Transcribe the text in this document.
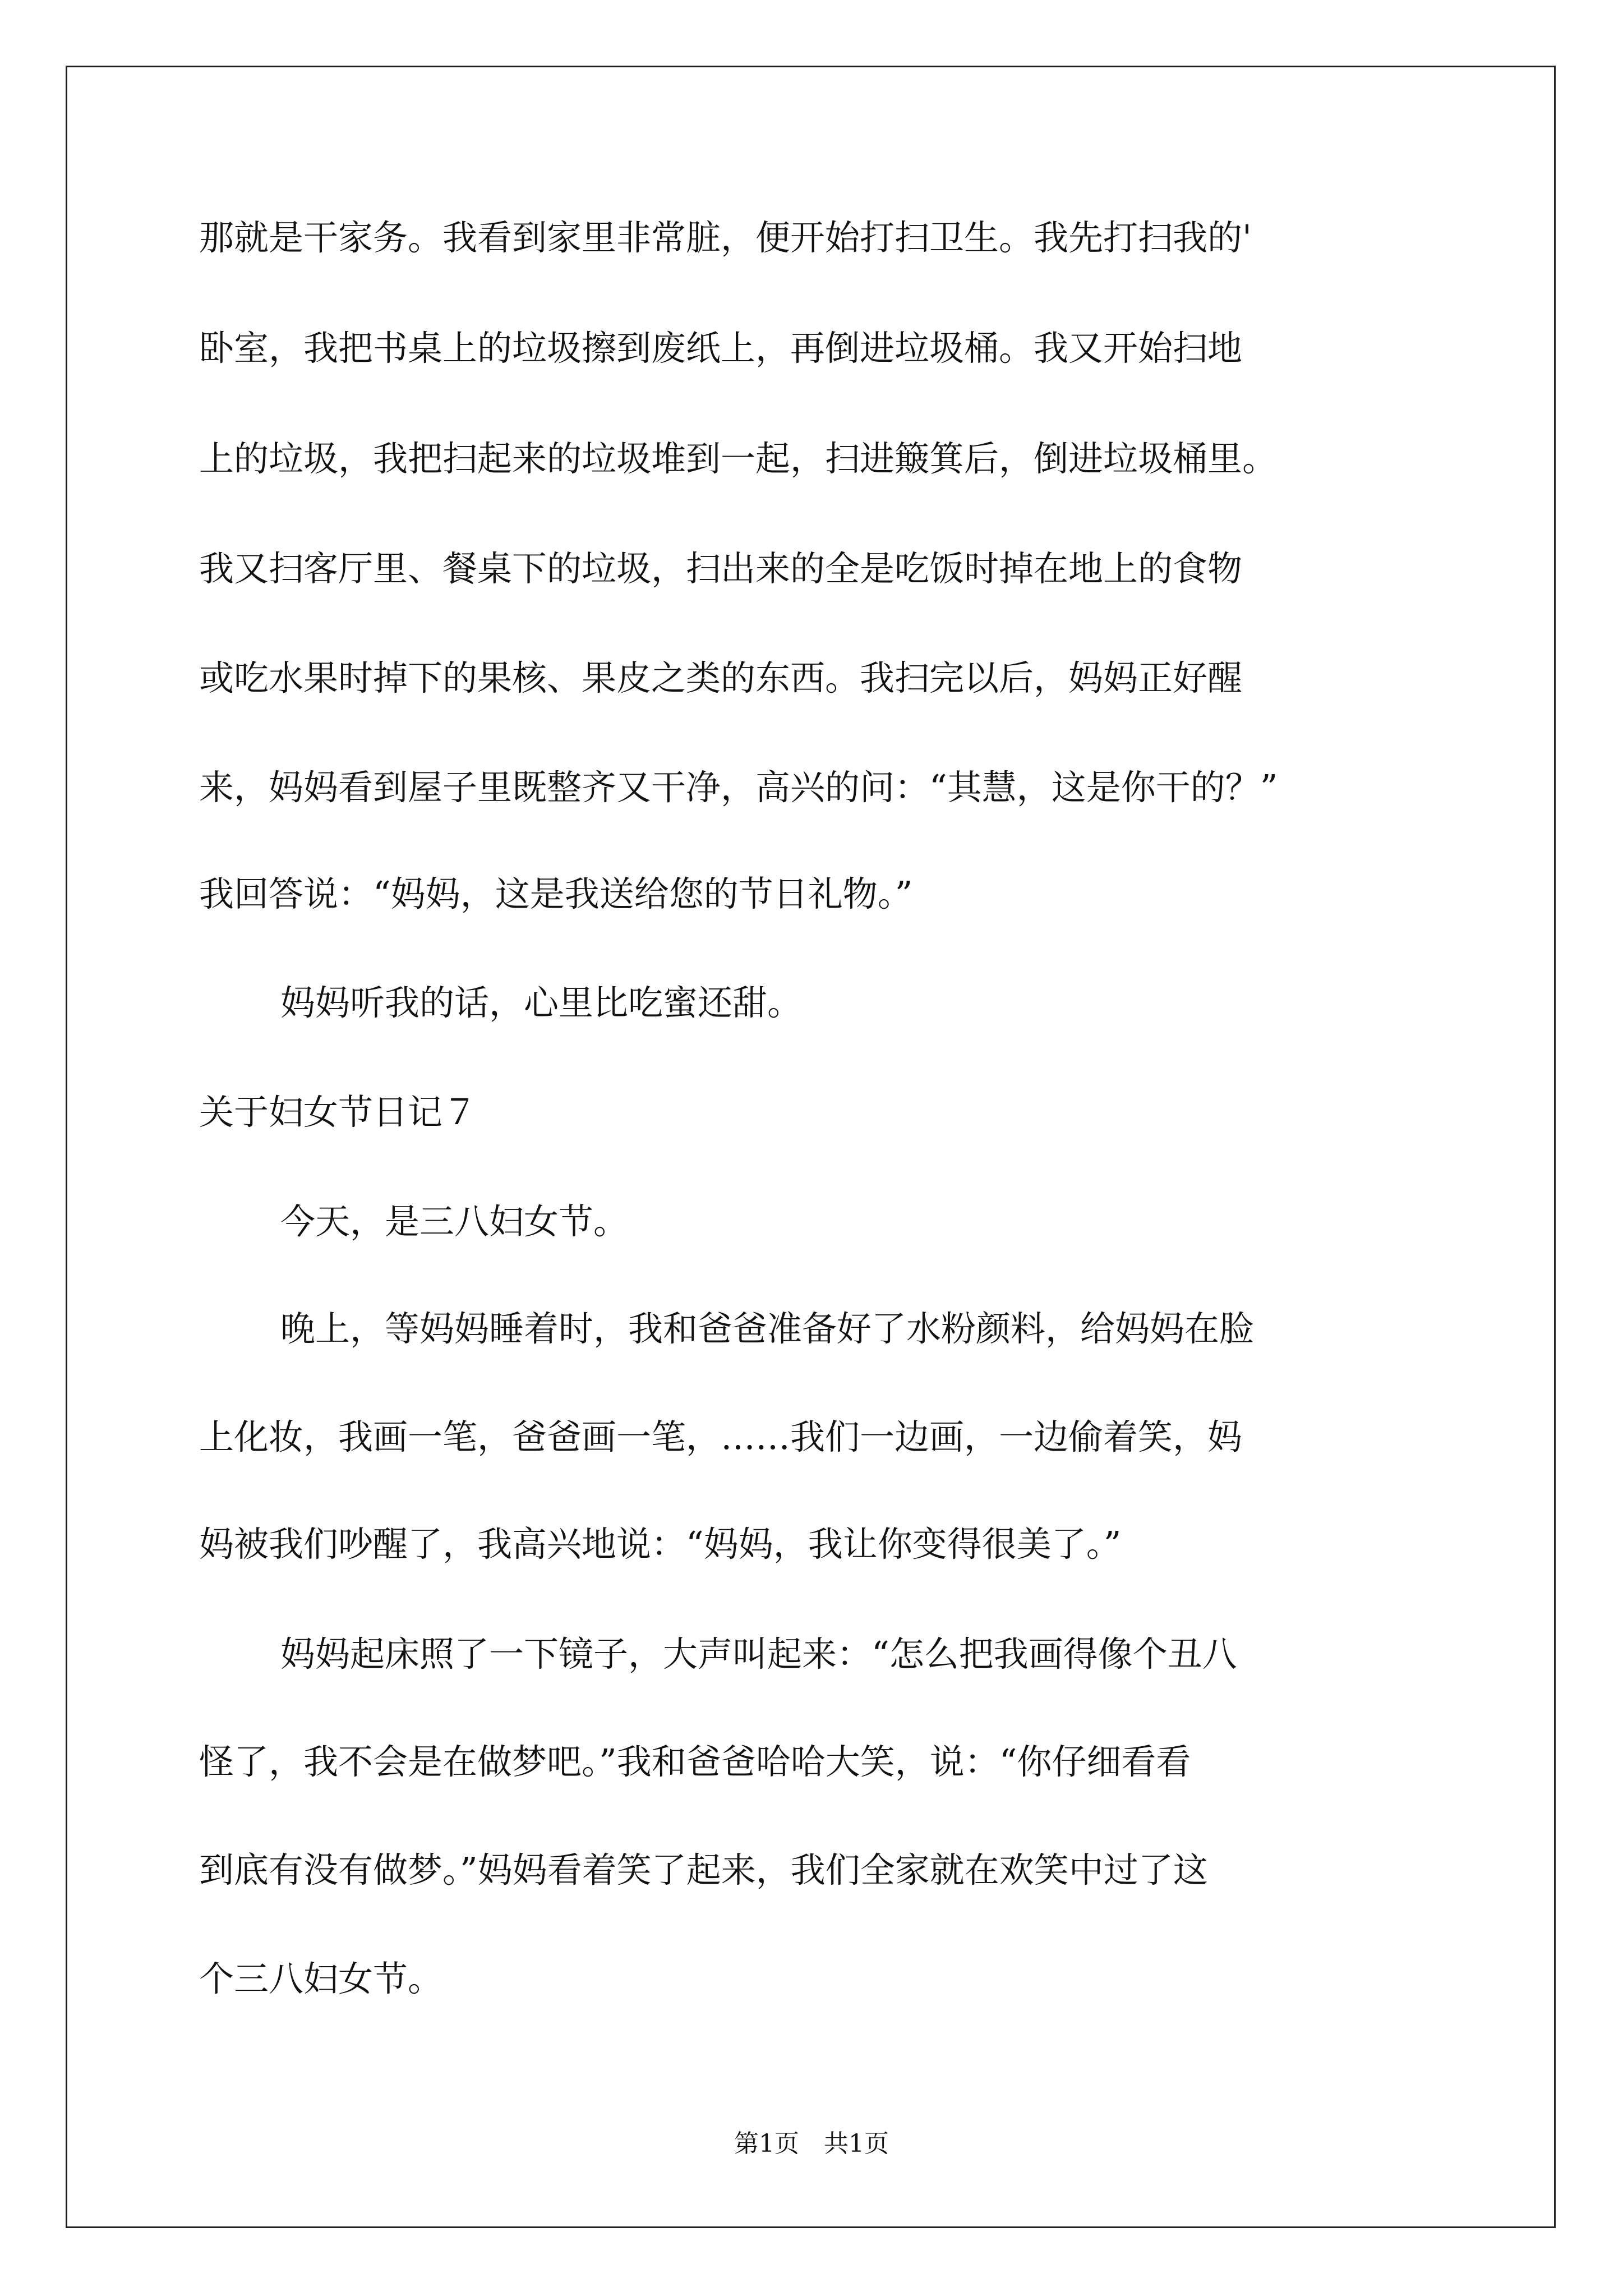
那就是干家务。我看到家里非常脏，便开始打扫卫生。我先打扫我的'
卧室，我把书桌上的垃圾擦到废纸上，再倒进垃圾桶。我又开始扫地
上的垃圾，我把扫起来的垃圾堆到一起，扫进簸箕后，倒进垃圾桶里。
我又扫客厅里、餐桌下的垃圾，扫出来的全是吃饭时掉在地上的食物
或吃水果时掉下的果核、果皮之类的东西。我扫完以后，妈妈正好醒
来，妈妈看到屋子里既整齐又干净，高兴的问：“其慧，这是你干的？”
我回答说：“妈妈，这是我送给您的节日礼物。”
妈妈听我的话，心里比吃蜜还甜。
关于妇女节日记７
今天，是三八妇女节。
晚上，等妈妈睡着时，我和爸爸准备好了水粉颜料，给妈妈在脸
上化妆，我画一笔，爸爸画一笔，……我们一边画，一边偷着笑，妈
妈被我们吵醒了，我高兴地说：“妈妈，我让你变得很美了。”
妈妈起床照了一下镜子，大声叫起来：“怎么把我画得像个丑八
怪了，我不会是在做梦吧。”我和爸爸哈哈大笑，说：“你仔细看看
到底有没有做梦。”妈妈看着笑了起来，我们全家就在欢笑中过了这
个三八妇女节。
第1页 共1页
